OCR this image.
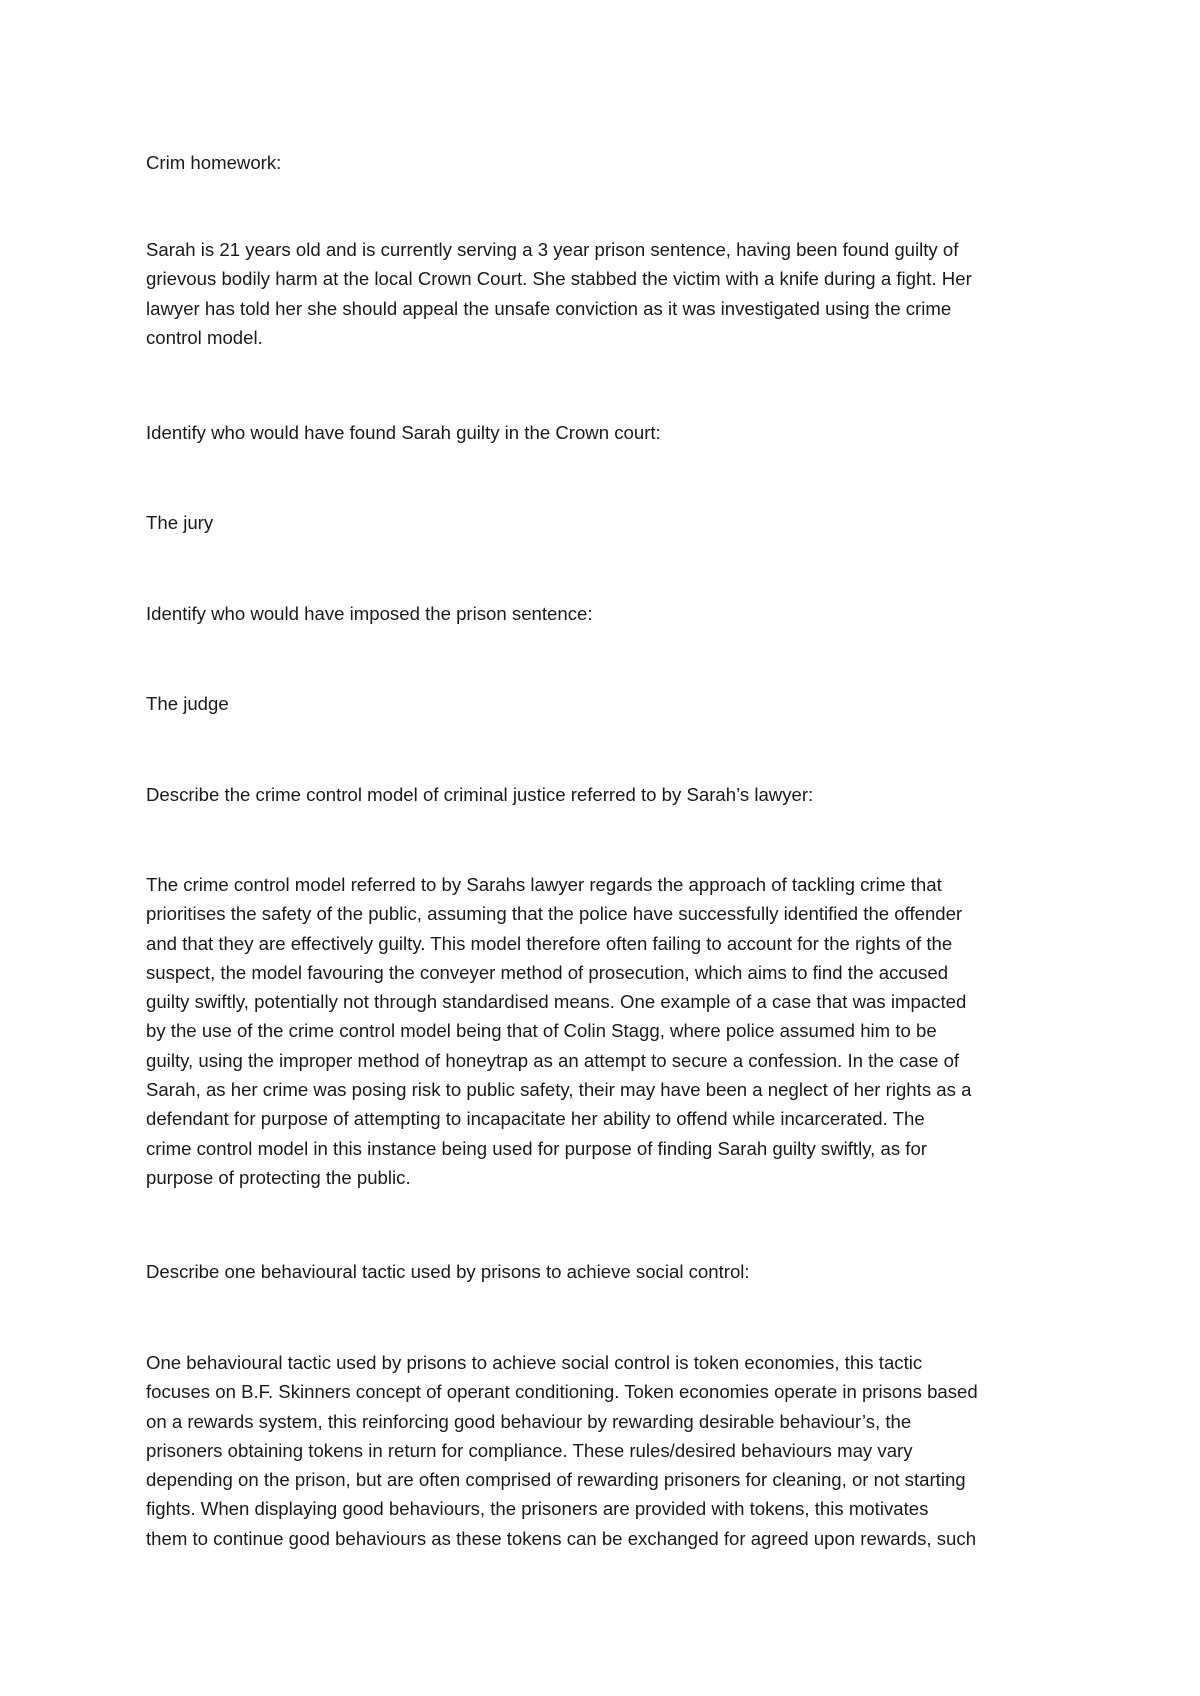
Crim homework:

Sarah is 21 years old and is currently serving a 3 year prison sentence, having been found guilty of
grievous bodily harm at the local Crown Court. She stabbed the victim with a knife during a fight. Her
lawyer has told her she should appeal the unsafe conviction as it was investigated using the crime
control model.

Identify who would have found Sarah guilty in the Crown court:

The jury

Identify who would have imposed the prison sentence:

The judge

Describe the crime control model of criminal justice referred to by Sarah’s lawyer:

The crime control model referred to by Sarahs lawyer regards the approach of tackling crime that
prioritises the safety of the public, assuming that the police have successfully identified the offender
and that they are effectively guilty. This model therefore often failing to account for the rights of the
suspect, the model favouring the conveyer method of prosecution, which aims to find the accused
guilty swiftly, potentially not through standardised means. One example of a case that was impacted
by the use of the crime control model being that of Colin Stagg, where police assumed him to be
guilty, using the improper method of honeytrap as an attempt to secure a confession. In the case of
Sarah, as her crime was posing risk to public safety, their may have been a neglect of her rights as a
defendant for purpose of attempting to incapacitate her ability to offend while incarcerated. The
crime control model in this instance being used for purpose of finding Sarah guilty swiftly, as for
purpose of protecting the public.

Describe one behavioural tactic used by prisons to achieve social control:

One behavioural tactic used by prisons to achieve social control is token economies, this tactic
focuses on B.F. Skinners concept of operant conditioning. Token economies operate in prisons based
on a rewards system, this reinforcing good behaviour by rewarding desirable behaviour’s, the
prisoners obtaining tokens in return for compliance. These rules/desired behaviours may vary
depending on the prison, but are often comprised of rewarding prisoners for cleaning, or not starting
fights. When displaying good behaviours, the prisoners are provided with tokens, this motivates
them to continue good behaviours as these tokens can be exchanged for agreed upon rewards, such
